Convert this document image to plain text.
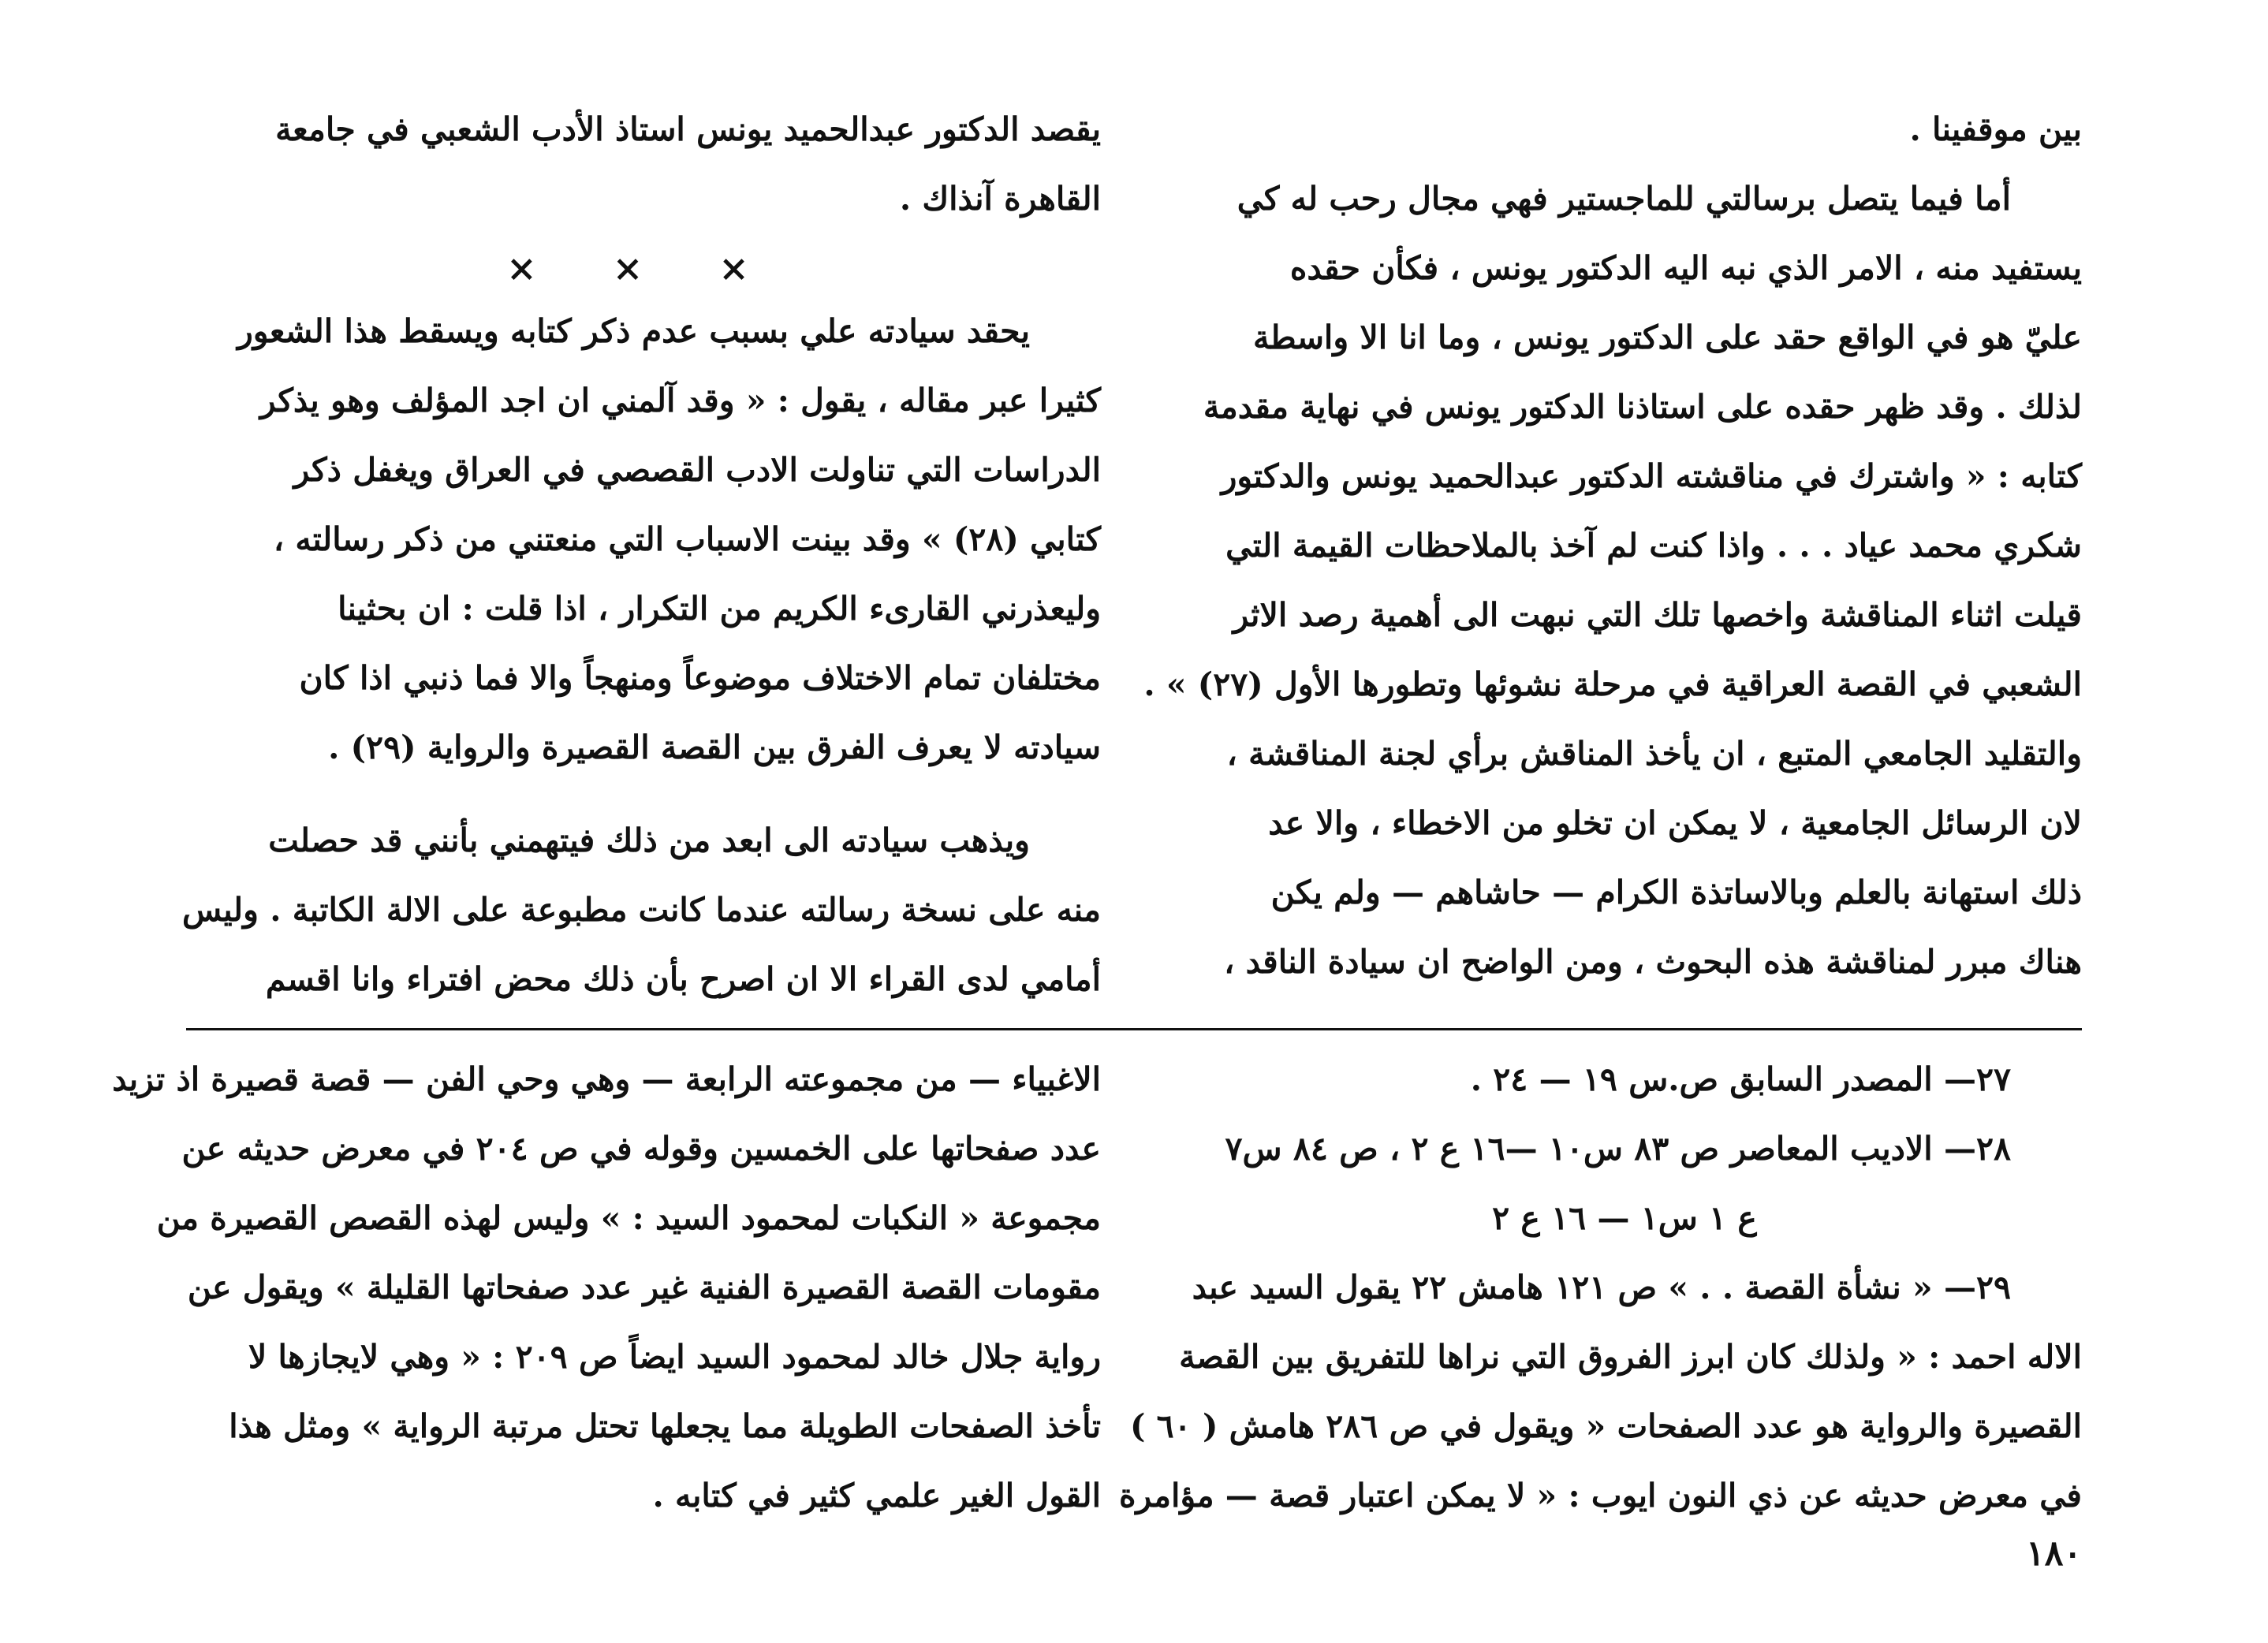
بين موقفينا .
أما فيما يتصل برسالتي للماجستير فهي مجال رحب له كي
يستفيد منه ، الامر الذي نبه اليه الدكتور يونس ، فكأن حقده
عليّ هو في الواقع حقد على الدكتور يونس ، وما انا الا واسطة
لذلك . وقد ظهر حقده على استاذنا الدكتور يونس في نهاية مقدمة
كتابه : « واشترك في مناقشته الدكتور عبدالحميد يونس والدكتور
شكري محمد عياد . . . واذا كنت لم آخذ بالملاحظات القيمة التي
قيلت اثناء المناقشة واخصها تلك التي نبهت الى أهمية رصد الاثر
الشعبي في القصة العراقية في مرحلة نشوئها وتطورها الأول (٢٧) » .
والتقليد الجامعي المتبع ، ان يأخذ المناقش برأي لجنة المناقشة ،
لان الرسائل الجامعية ، لا يمكن ان تخلو من الاخطاء ، والا عد
ذلك استهانة بالعلم وبالاساتذة الكرام — حاشاهم — ولم يكن
هناك مبرر لمناقشة هذه البحوث ، ومن الواضح ان سيادة الناقد ،
يقصد الدكتور عبدالحميد يونس استاذ الأدب الشعبي في جامعة
القاهرة آنذاك .
يحقد سيادته علي بسبب عدم ذكر كتابه ويسقط هذا الشعور
كثيرا عبر مقاله ، يقول : « وقد آلمني ان اجد المؤلف وهو يذكر
الدراسات التي تناولت الادب القصصي في العراق ويغفل ذكر
كتابي (٢٨) » وقد بينت الاسباب التي منعتني من ذكر رسالته ،
وليعذرني القارىء الكريم من التكرار ، اذا قلت : ان بحثينا
مختلفان تمام الاختلاف موضوعاً ومنهجاً والا فما ذنبي اذا كان
سيادته لا يعرف الفرق بين القصة القصيرة والرواية (٢٩) .
ويذهب سيادته الى ابعد من ذلك فيتهمني بأنني قد حصلت
منه على نسخة رسالته عندما كانت مطبوعة على الالة الكاتبة . وليس
أمامي لدى القراء الا ان اصرح بأن ذلك محض افتراء وانا اقسم
× × ×
٢٧— المصدر السابق ص.س ١٩ — ٢٤ .
٢٨— الاديب المعاصر ص ٨٣ س١٠ —١٦ ع ٢ ، ص ٨٤ س٧
ع ١ س١ — ١٦ ع ٢
٢٩— « نشأة القصة . . » ص ١٢١ هامش ٢٢ يقول السيد عبد
الاله احمد : « ولذلك كان ابرز الفروق التي نراها للتفريق بين القصة
القصيرة والرواية هو عدد الصفحات « ويقول في ص ٢٨٦ هامش ( ٦٠ )
في معرض حديثه عن ذي النون ايوب : « لا يمكن اعتبار قصة — مؤامرة
الاغبياء — من مجموعته الرابعة — وهي وحي الفن — قصة قصيرة اذ تزيد
عدد صفحاتها على الخمسين وقوله في ص ٢٠٤ في معرض حديثه عن
مجموعة « النكبات لمحمود السيد : » وليس لهذه القصص القصيرة من
مقومات القصة القصيرة الفنية غير عدد صفحاتها القليلة » ويقول عن
رواية جلال خالد لمحمود السيد ايضاً ص ٢٠٩ : « وهي لايجازها لا
تأخذ الصفحات الطويلة مما يجعلها تحتل مرتبة الرواية » ومثل هذا
القول الغير علمي كثير في كتابه .
١٨٠
